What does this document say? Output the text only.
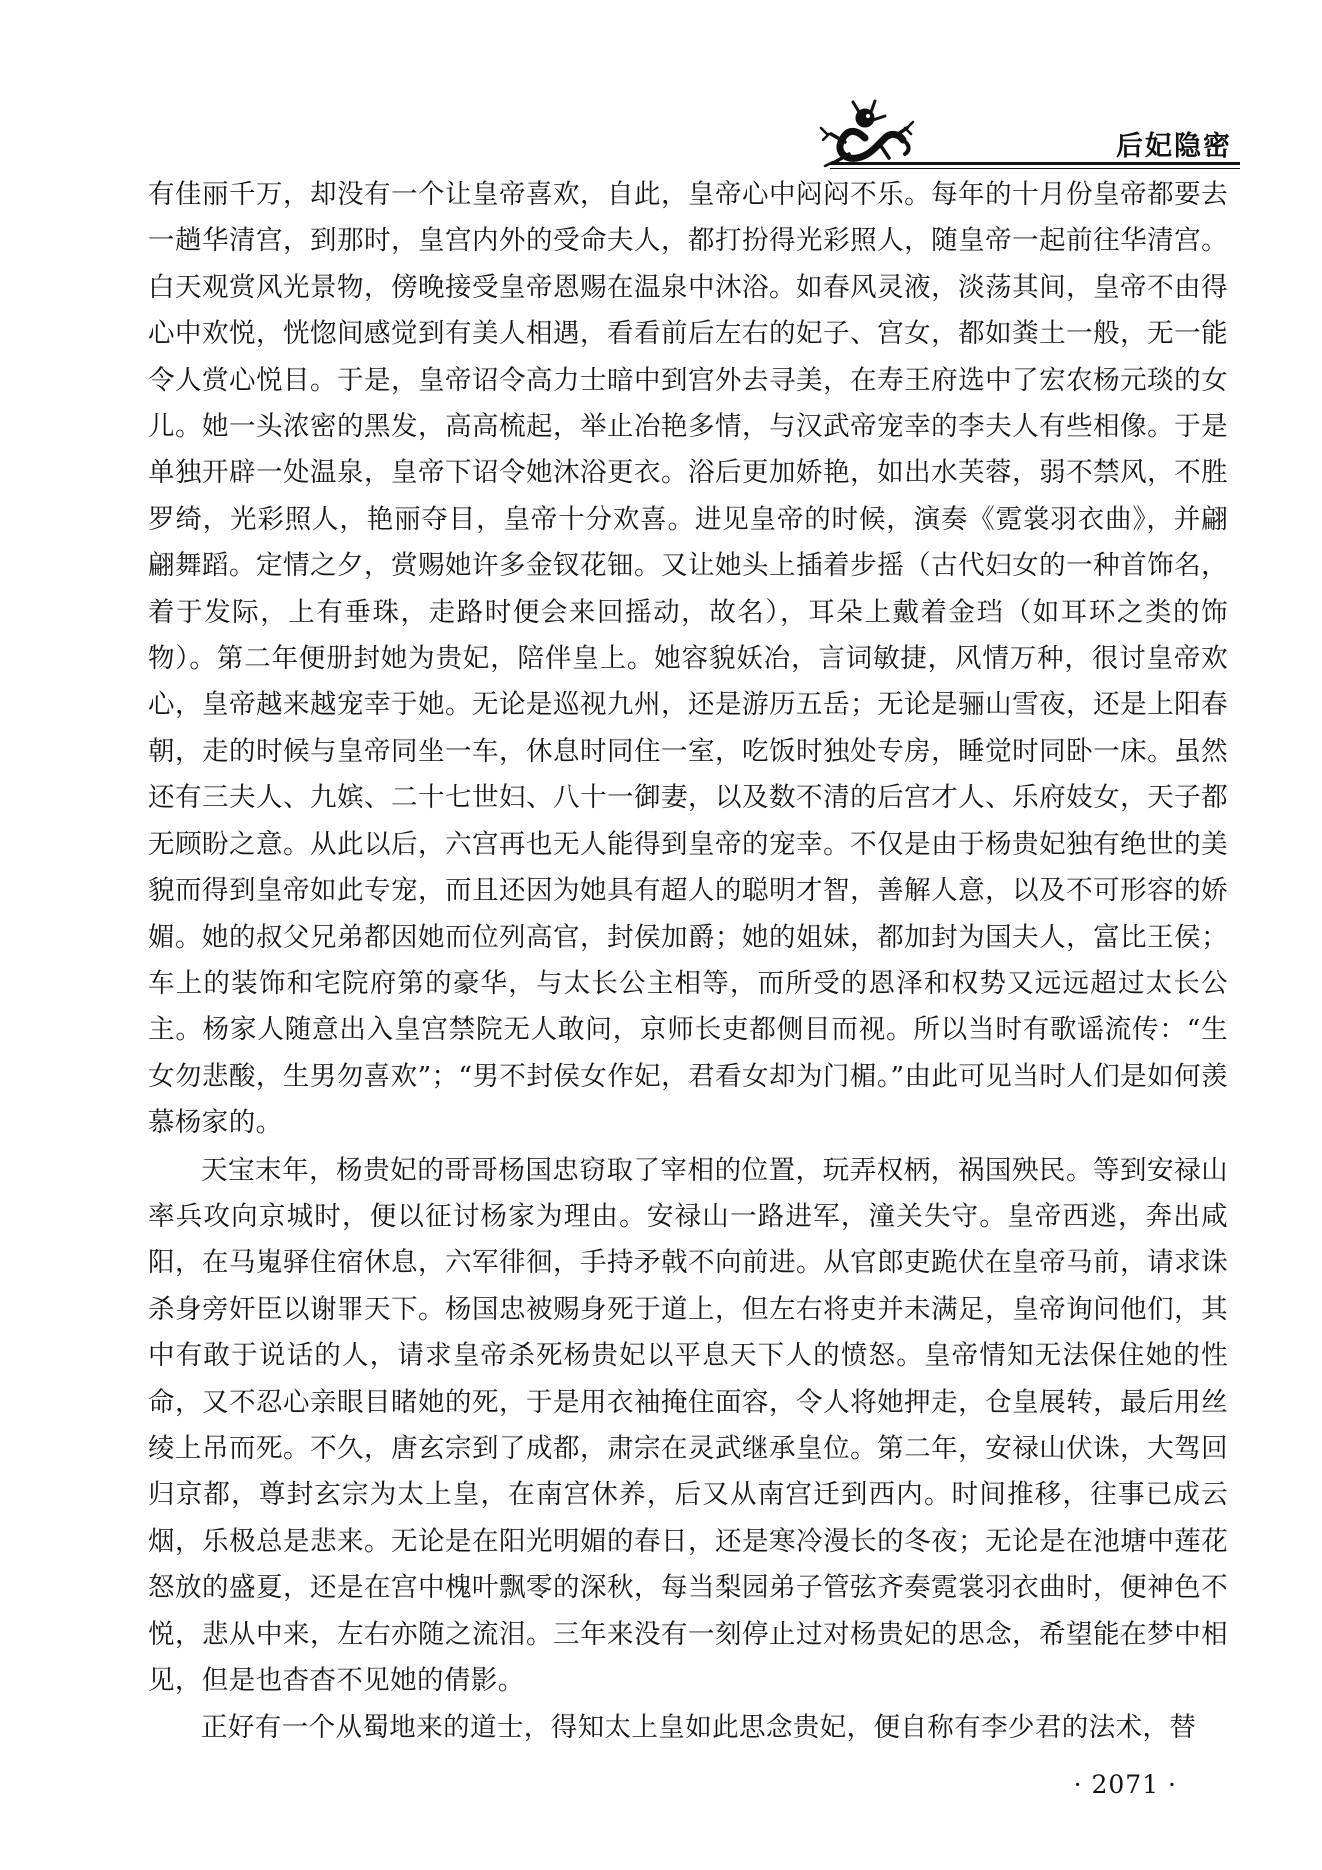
后妃隐密

有佳丽千万，却没有一个让皇帝喜欢，自此，皇帝心中闷闷不乐。每年的十月份皇帝都要去一趟华清宫，到那时，皇宫内外的受命夫人，都打扮得光彩照人，随皇帝一起前往华清宫。白天观赏风光景物，傍晚接受皇帝恩赐在温泉中沐浴。如春风灵液，淡荡其间，皇帝不由得心中欢悦，恍惚间感觉到有美人相遇，看看前后左右的妃子、宫女，都如粪土一般，无一能令人赏心悦目。于是，皇帝诏令高力士暗中到宫外去寻美，在寿王府选中了宏农杨元琰的女儿。她一头浓密的黑发，高高梳起，举止冶艳多情，与汉武帝宠幸的李夫人有些相像。于是单独开辟一处温泉，皇帝下诏令她沐浴更衣。浴后更加娇艳，如出水芙蓉，弱不禁风，不胜罗绮，光彩照人，艳丽夺目，皇帝十分欢喜。进见皇帝的时候，演奏《霓裳羽衣曲》，并翩翩舞蹈。定情之夕，赏赐她许多金钗花钿。又让她头上插着步摇（古代妇女的一种首饰名，着于发际，上有垂珠，走路时便会来回摇动，故名），耳朵上戴着金珰（如耳环之类的饰物）。第二年便册封她为贵妃，陪伴皇上。她容貌妖冶，言词敏捷，风情万种，很讨皇帝欢心，皇帝越来越宠幸于她。无论是巡视九州，还是游历五岳；无论是骊山雪夜，还是上阳春朝，走的时候与皇帝同坐一车，休息时同住一室，吃饭时独处专房，睡觉时同卧一床。虽然还有三夫人、九嫔、二十七世妇、八十一御妻，以及数不清的后宫才人、乐府妓女，天子都无顾盼之意。从此以后，六宫再也无人能得到皇帝的宠幸。不仅是由于杨贵妃独有绝世的美貌而得到皇帝如此专宠，而且还因为她具有超人的聪明才智，善解人意，以及不可形容的娇媚。她的叔父兄弟都因她而位列高官，封侯加爵；她的姐妹，都加封为国夫人，富比王侯；车上的装饰和宅院府第的豪华，与太长公主相等，而所受的恩泽和权势又远远超过太长公主。杨家人随意出入皇宫禁院无人敢问，京师长吏都侧目而视。所以当时有歌谣流传：“生女勿悲酸，生男勿喜欢”；“男不封侯女作妃，君看女却为门楣。”由此可见当时人们是如何羡慕杨家的。

天宝末年，杨贵妃的哥哥杨国忠窃取了宰相的位置，玩弄权柄，祸国殃民。等到安禄山率兵攻向京城时，便以征讨杨家为理由。安禄山一路进军，潼关失守。皇帝西逃，奔出咸阳，在马嵬驿住宿休息，六军徘徊，手持矛戟不向前进。从官郎吏跪伏在皇帝马前，请求诛杀身旁奸臣以谢罪天下。杨国忠被赐身死于道上，但左右将吏并未满足，皇帝询问他们，其中有敢于说话的人，请求皇帝杀死杨贵妃以平息天下人的愤怒。皇帝情知无法保住她的性命，又不忍心亲眼目睹她的死，于是用衣袖掩住面容，令人将她押走，仓皇展转，最后用丝绫上吊而死。不久，唐玄宗到了成都，肃宗在灵武继承皇位。第二年，安禄山伏诛，大驾回归京都，尊封玄宗为太上皇，在南宫休养，后又从南宫迁到西内。时间推移，往事已成云烟，乐极总是悲来。无论是在阳光明媚的春日，还是寒冷漫长的冬夜；无论是在池塘中莲花怒放的盛夏，还是在宫中槐叶飘零的深秋，每当梨园弟子管弦齐奏霓裳羽衣曲时，便神色不悦，悲从中来，左右亦随之流泪。三年来没有一刻停止过对杨贵妃的思念，希望能在梦中相见，但是也杳杳不见她的倩影。

正好有一个从蜀地来的道士，得知太上皇如此思念贵妃，便自称有李少君的法术，替

· 2071 ·
